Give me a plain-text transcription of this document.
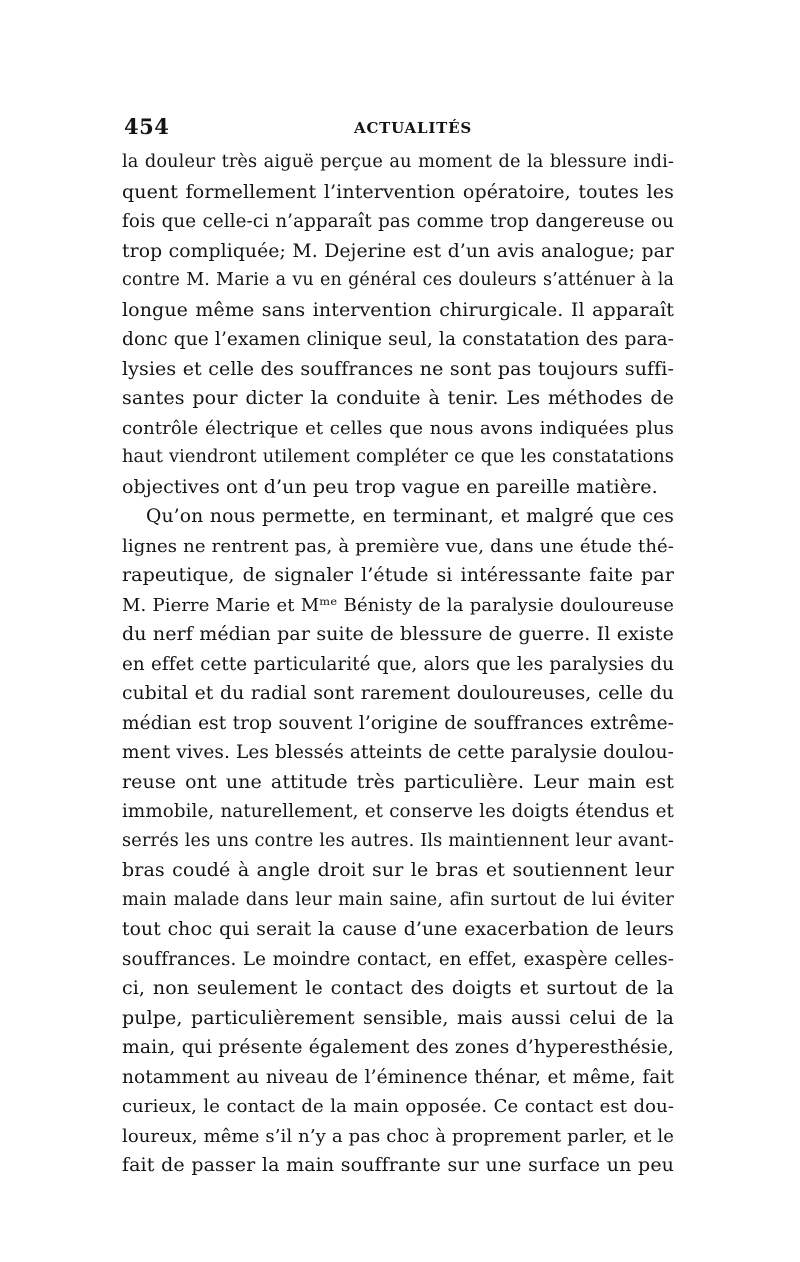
454	ACTUALITÉS
la douleur très aiguë perçue au moment de la blessure indi-
quent formellement l’intervention opératoire, toutes les
fois que celle-ci n’apparaît pas comme trop dangereuse ou
trop compliquée; M. Dejerine est d’un avis analogue; par
contre M. Marie a vu en général ces douleurs s’atténuer à la
longue même sans intervention chirurgicale. Il apparaît
donc que l’examen clinique seul, la constatation des para-
lysies et celle des souffrances ne sont pas toujours suffi-
santes pour dicter la conduite à tenir. Les méthodes de
contrôle électrique et celles que nous avons indiquées plus
haut viendront utilement compléter ce que les constatations
objectives ont d’un peu trop vague en pareille matière.
Qu’on nous permette, en terminant, et malgré que ces
lignes ne rentrent pas, à première vue, dans une étude thé-
rapeutique, de signaler l’étude si intéressante faite par
M. Pierre Marie et Mᵐᵉ Bénisty de la paralysie douloureuse
du nerf médian par suite de blessure de guerre. Il existe
en effet cette particularité que, alors que les paralysies du
cubital et du radial sont rarement douloureuses, celle du
médian est trop souvent l’origine de souffrances extrême-
ment vives. Les blessés atteints de cette paralysie doulou-
reuse ont une attitude très particulière. Leur main est
immobile, naturellement, et conserve les doigts étendus et
serrés les uns contre les autres. Ils maintiennent leur avant-
bras coudé à angle droit sur le bras et soutiennent leur
main malade dans leur main saine, afin surtout de lui éviter
tout choc qui serait la cause d’une exacerbation de leurs
souffrances. Le moindre contact, en effet, exaspère celles-
ci, non seulement le contact des doigts et surtout de la
pulpe, particulièrement sensible, mais aussi celui de la
main, qui présente également des zones d’hyperesthésie,
notamment au niveau de l’éminence thénar, et même, fait
curieux, le contact de la main opposée. Ce contact est dou-
loureux, même s’il n’y a pas choc à proprement parler, et le
fait de passer la main souffrante sur une surface un peu
